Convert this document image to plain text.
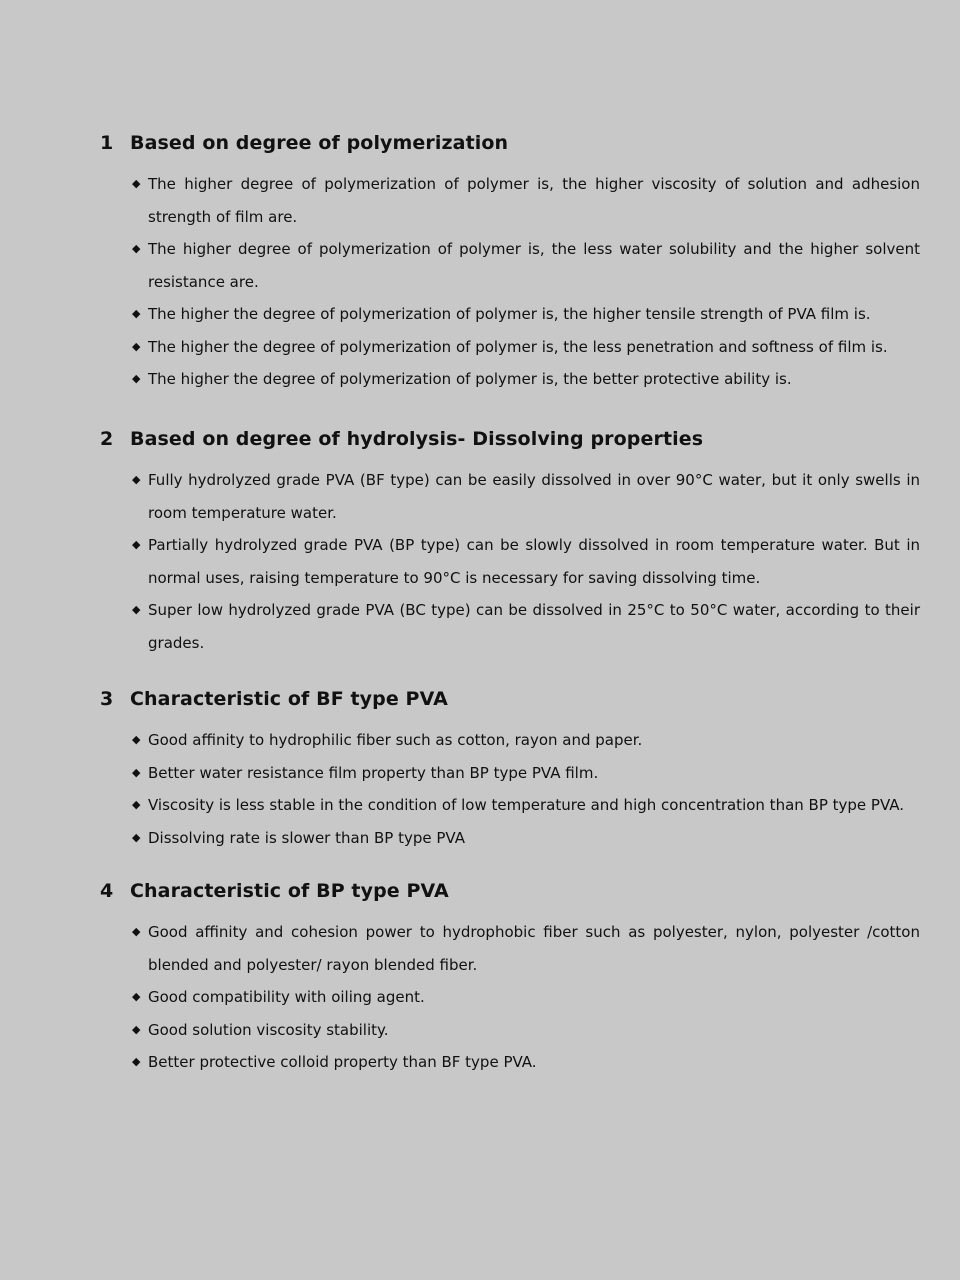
1 Based on degree of polymerization
◆ The higher degree of polymerization of polymer is, the higher viscosity of solution and adhesion strength of film are.
◆ The higher degree of polymerization of polymer is, the less water solubility and the higher solvent resistance are.
◆ The higher the degree of polymerization of polymer is, the higher tensile strength of PVA film is.
◆ The higher the degree of polymerization of polymer is, the less penetration and softness of film is.
◆ The higher the degree of polymerization of polymer is, the better protective ability is.
2 Based on degree of hydrolysis- Dissolving properties
◆ Fully hydrolyzed grade PVA (BF type) can be easily dissolved in over 90°C water, but it only swells in room temperature water.
◆ Partially hydrolyzed grade PVA (BP type) can be slowly dissolved in room temperature water. But in normal uses, raising temperature to 90°C is necessary for saving dissolving time.
◆ Super low hydrolyzed grade PVA (BC type) can be dissolved in 25°C to 50°C water, according to their grades.
3 Characteristic of BF type PVA
◆ Good affinity to hydrophilic fiber such as cotton, rayon and paper.
◆ Better water resistance film property than BP type PVA film.
◆ Viscosity is less stable in the condition of low temperature and high concentration than BP type PVA.
◆ Dissolving rate is slower than BP type PVA
4 Characteristic of BP type PVA
◆ Good affinity and cohesion power to hydrophobic fiber such as polyester, nylon, polyester /cotton blended and polyester/ rayon blended fiber.
◆ Good compatibility with oiling agent.
◆ Good solution viscosity stability.
◆ Better protective colloid property than BF type PVA.
